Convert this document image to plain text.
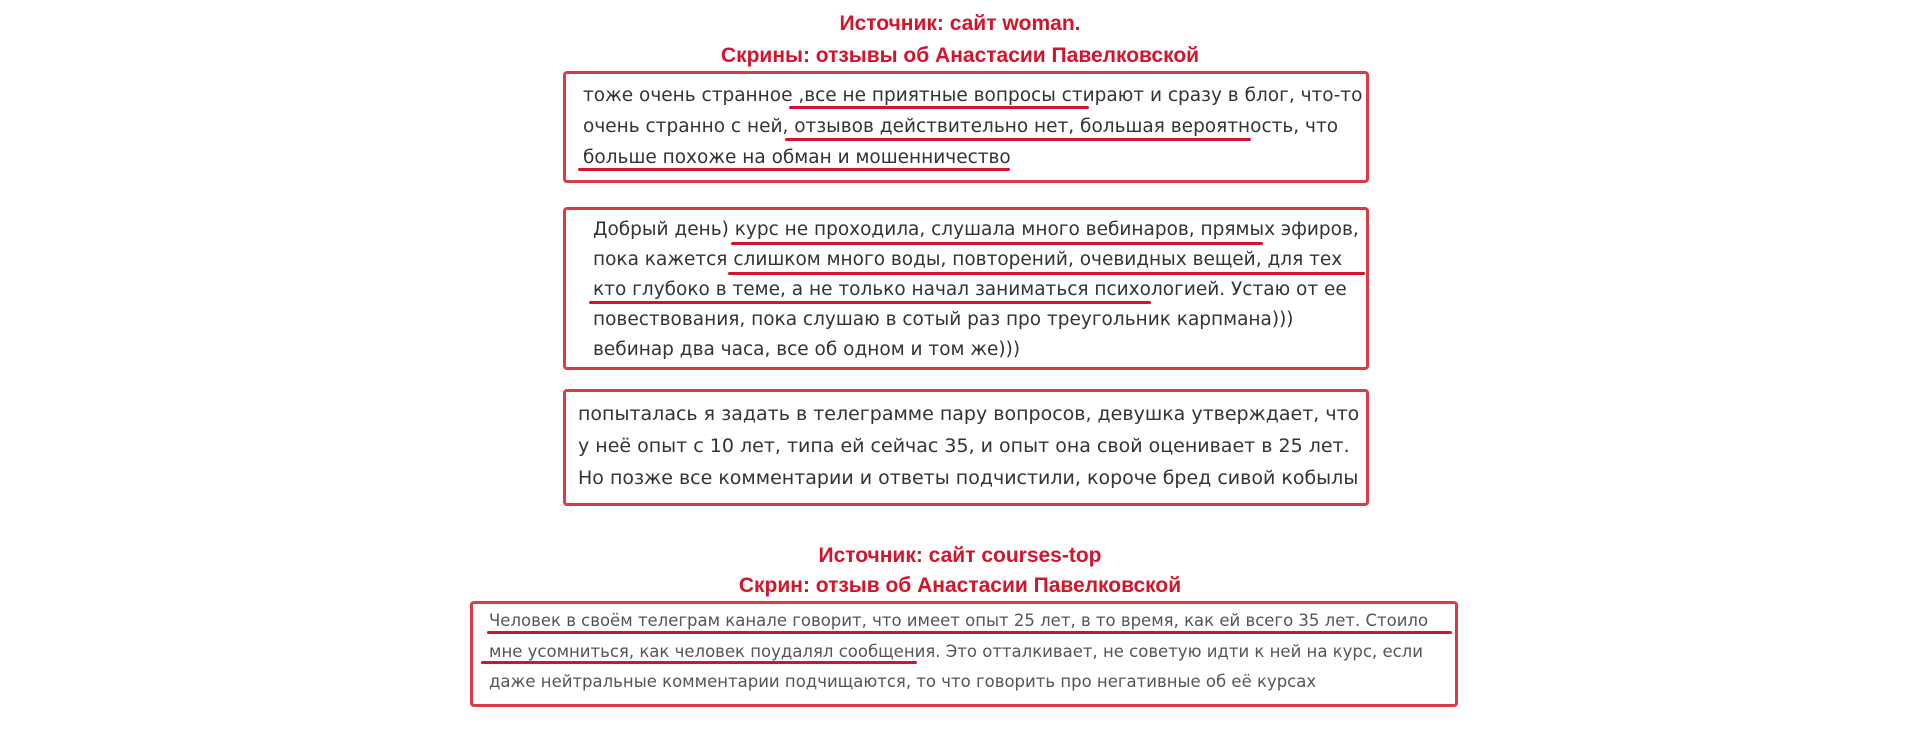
Источник: сайт woman.
Скрины: отзывы об Анастасии Павелковской

тоже очень странное ,все не приятные вопросы стирают и сразу в блог, что-то очень странно с ней, отзывов действительно нет, большая вероятность, что больше похоже на обман и мошенничество

Добрый день) курс не проходила, слушала много вебинаров, прямых эфиров, пока кажется слишком много воды, повторений, очевидных вещей, для тех кто глубоко в теме, а не только начал заниматься психологией. Устаю от ее повествования, пока слушаю в сотый раз про треугольник карпмана))) вебинар два часа, все об одном и том же)))

попыталась я задать в телеграмме пару вопросов, девушка утверждает, что у неё опыт с 10 лет, типа ей сейчас 35, и опыт она свой оценивает в 25 лет. Но позже все комментарии и ответы подчистили, короче бред сивой кобылы

Источник: сайт courses-top
Скрин: отзыв об Анастасии Павелковской

Человек в своём телеграм канале говорит, что имеет опыт 25 лет, в то время, как ей всего 35 лет. Стоило мне усомниться, как человек поудалял сообщения. Это отталкивает, не советую идти к ней на курс, если даже нейтральные комментарии подчищаются, то что говорить про негативные об её курсах
